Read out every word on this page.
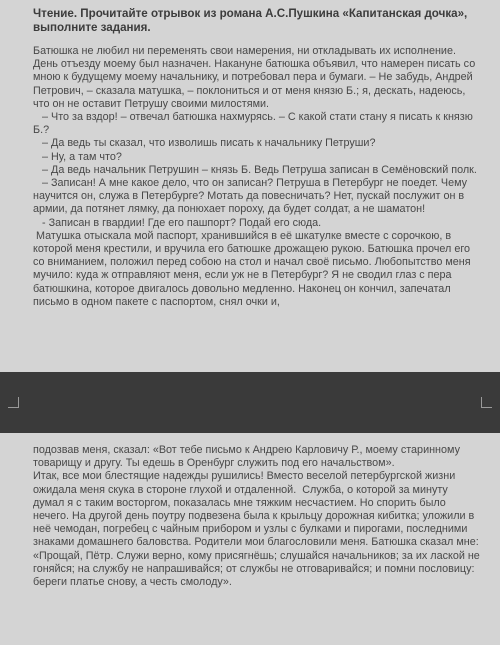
Чтение. Прочитайте отрывок из романа А.С.Пушкина «Капитанская дочка», выполните задания.
Батюшка не любил ни переменять свои намерения, ни откладывать их исполнение. День отъезду моему был назначен. Накануне батюшка объявил, что намерен писать со мною к будущему моему начальнику, и потребовал пера и бумаги. – Не забудь, Андрей Петрович, – сказала матушка, – поклониться и от меня князю Б.; я, дескать, надеюсь, что он не оставит Петрушу своими милостями.
– Что за вздор! – отвечал батюшка нахмурясь. – С какой стати стану я писать к князю Б.?
– Да ведь ты сказал, что изволишь писать к начальнику Петруши?
– Ну, а там что?
– Да ведь начальник Петрушин – князь Б. Ведь Петруша записан в Семёновский полк.
– Записан! А мне какое дело, что он записан? Петруша в Петербург не поедет. Чему научится он, служа в Петербурге? Мотать да повесничать? Нет, пускай послужит он в армии, да потянет лямку, да понюхает пороху, да будет солдат, а не шаматон!
- Записан в гвардии! Где его пашпорт? Подай его сюда.
Матушка отыскала мой паспорт, хранившийся в её шкатулке вместе с сорочкою, в которой меня крестили, и вручила его батюшке дрожащею рукою. Батюшка прочел его со вниманием, положил перед собою на стол и начал своё письмо. Любопытство меня мучило: куда ж отправляют меня, если уж не в Петербург? Я не сводил глаз с пера батюшкина, которое двигалось довольно медленно. Наконец он кончил, запечатал письмо в одном пакете с паспортом, снял очки и,
подозвав меня, сказал: «Вот тебе письмо к Андрею Карловичу Р., моему старинному товарищу и другу. Ты едешь в Оренбург служить под его начальством».
Итак, все мои блестящие надежды рушились! Вместо веселой петербургской жизни ожидала меня скука в стороне глухой и отдаленной.  Служба, о которой за минуту думал я с таким восторгом, показалась мне тяжким несчастием. Но спорить было нечего. На другой день поутру подвезена была к крыльцу дорожная кибитка; уложили в неё чемодан, погребец с чайным прибором и узлы с булками и пирогами, последними знаками домашнего баловства. Родители мои благословили меня. Батюшка сказал мне: «Прощай, Пётр. Служи верно, кому присягнёшь; слушайся начальников; за их лаской не гоняйся; на службу не напрашивайся; от службы не отговаривайся; и помни пословицу: береги платье снову, а честь смолоду».
